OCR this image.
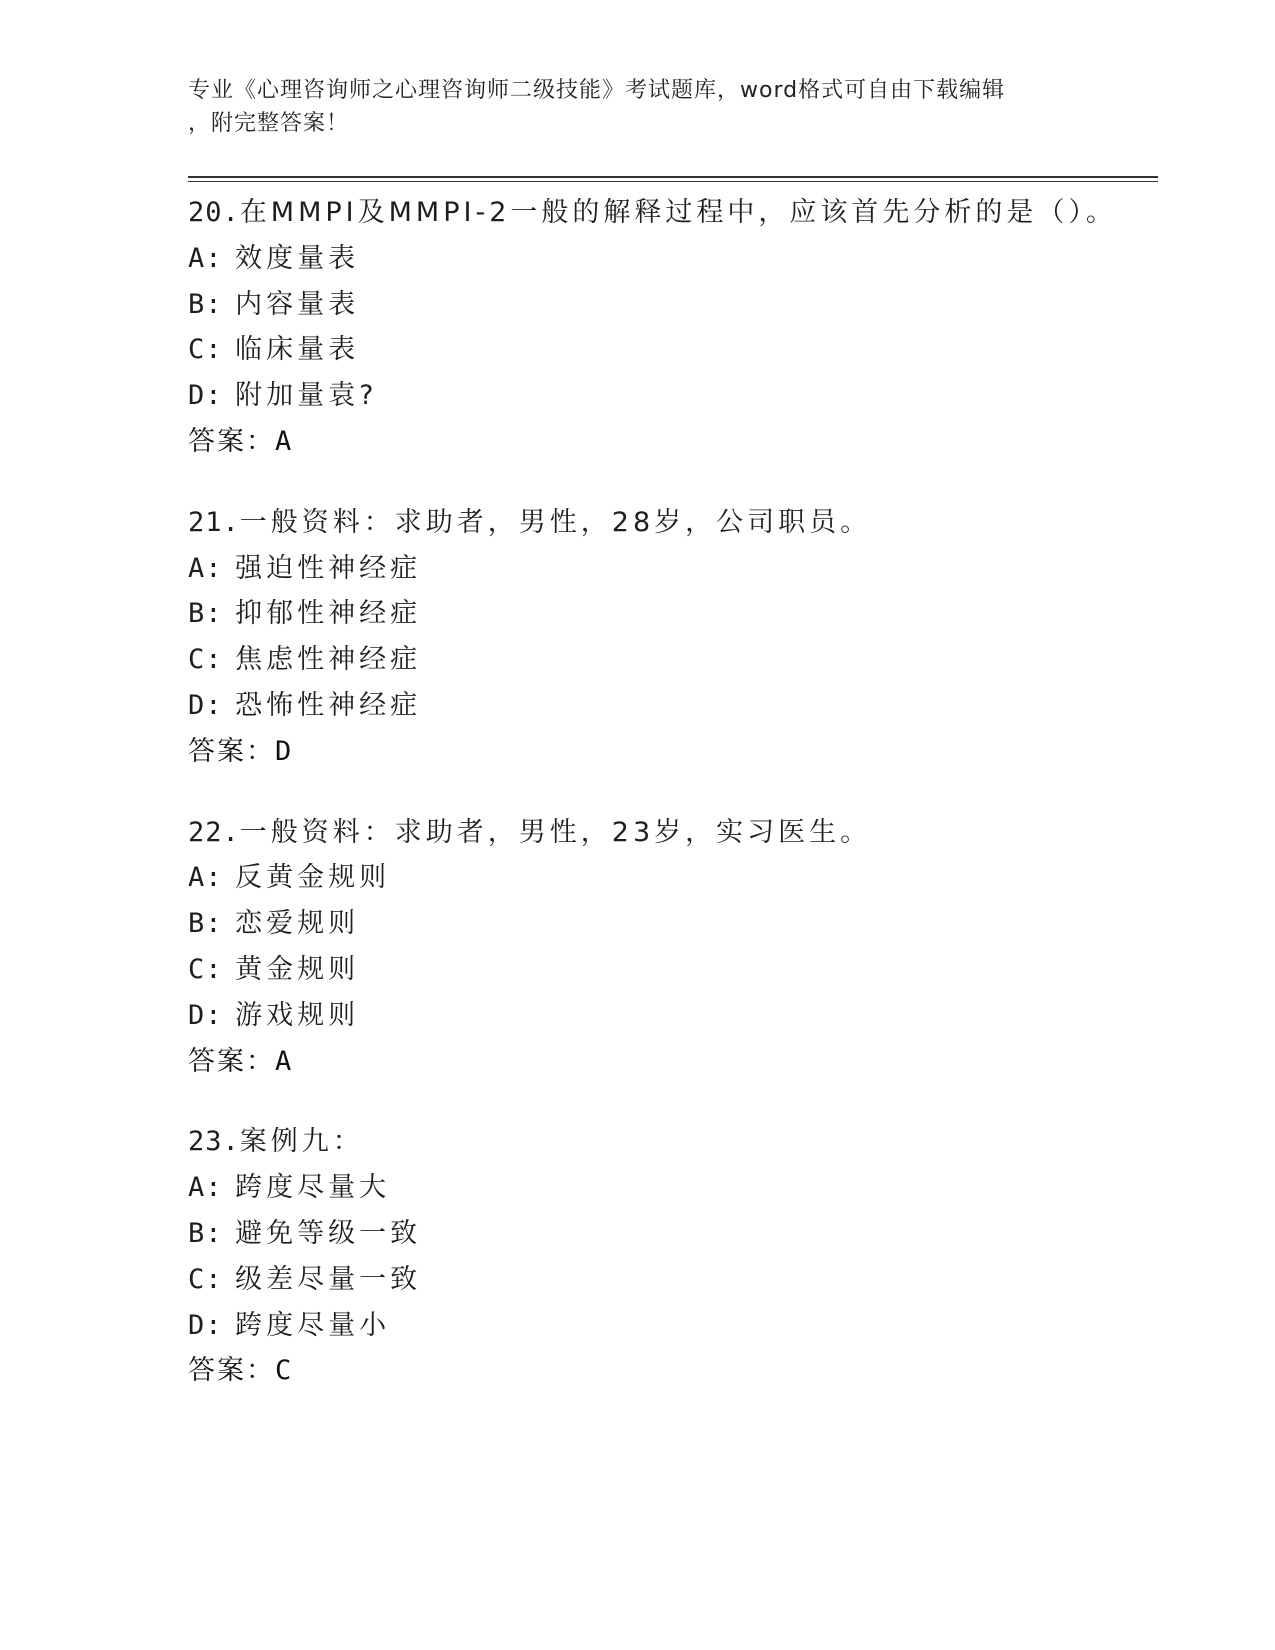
专业《心理咨询师之心理咨询师二级技能》考试题库，word格式可自由下载编辑
，附完整答案！
20.在MMPI及MMPI-2一般的解释过程中，应该首先分析的是（）。
A: 效度量表
B: 内容量表
C: 临床量表
D: 附加量袁?
答案：A
21.一般资料：求助者，男性，28岁，公司职员。
A: 强迫性神经症
B: 抑郁性神经症
C: 焦虑性神经症
D: 恐怖性神经症
答案：D
22.一般资料：求助者，男性，23岁，实习医生。
A: 反黄金规则
B: 恋爱规则
C: 黄金规则
D: 游戏规则
答案：A
23.案例九：
A: 跨度尽量大
B: 避免等级一致
C: 级差尽量一致
D: 跨度尽量小
答案：C
